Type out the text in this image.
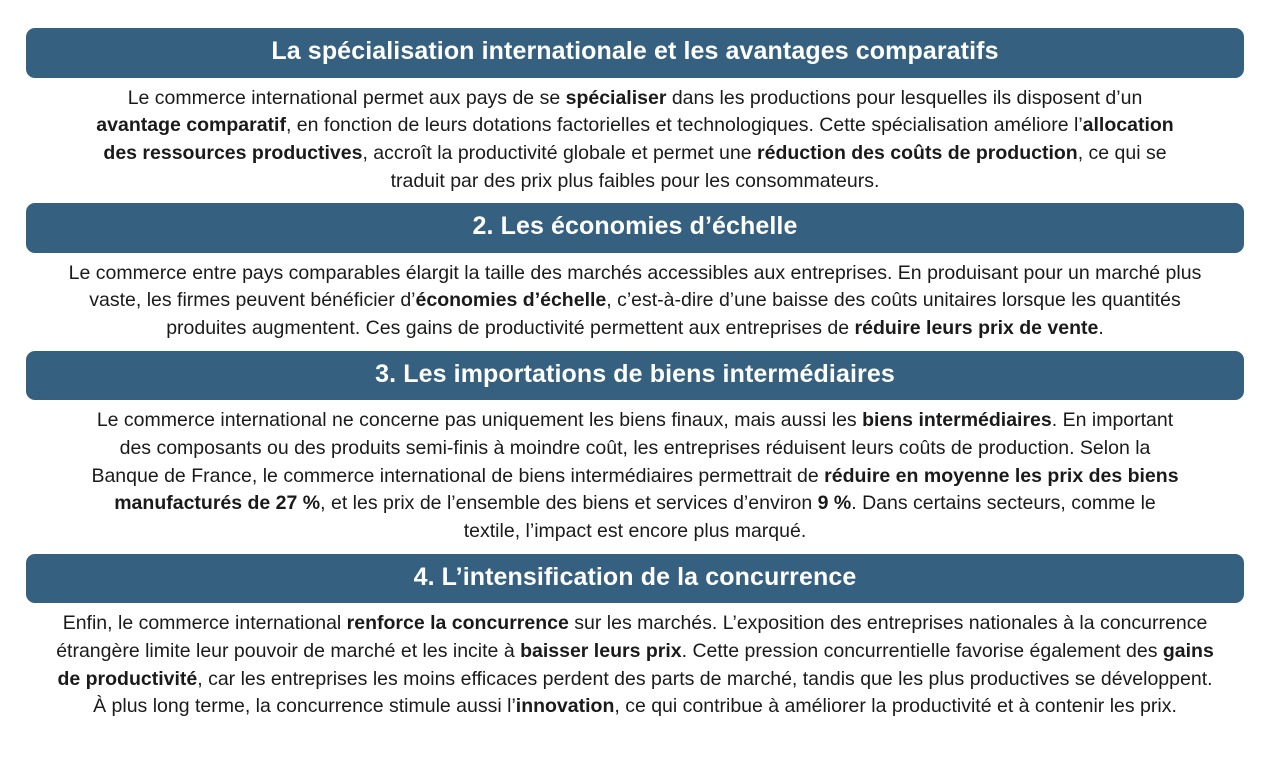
La spécialisation internationale et les avantages comparatifs
Le commerce international permet aux pays de se spécialiser dans les productions pour lesquelles ils disposent d’un avantage comparatif, en fonction de leurs dotations factorielles et technologiques. Cette spécialisation améliore l’allocation des ressources productives, accroît la productivité globale et permet une réduction des coûts de production, ce qui se traduit par des prix plus faibles pour les consommateurs.
2. Les économies d’échelle
Le commerce entre pays comparables élargit la taille des marchés accessibles aux entreprises. En produisant pour un marché plus vaste, les firmes peuvent bénéficier d’économies d’échelle, c’est-à-dire d’une baisse des coûts unitaires lorsque les quantités produites augmentent. Ces gains de productivité permettent aux entreprises de réduire leurs prix de vente.
3. Les importations de biens intermédiaires
Le commerce international ne concerne pas uniquement les biens finaux, mais aussi les biens intermédiaires. En important des composants ou des produits semi-finis à moindre coût, les entreprises réduisent leurs coûts de production. Selon la Banque de France, le commerce international de biens intermédiaires permettrait de réduire en moyenne les prix des biens manufacturés de 27 %, et les prix de l’ensemble des biens et services d’environ 9 %. Dans certains secteurs, comme le textile, l’impact est encore plus marqué.
4. L’intensification de la concurrence
Enfin, le commerce international renforce la concurrence sur les marchés. L’exposition des entreprises nationales à la concurrence étrangère limite leur pouvoir de marché et les incite à baisser leurs prix. Cette pression concurrentielle favorise également des gains de productivité, car les entreprises les moins efficaces perdent des parts de marché, tandis que les plus productives se développent. À plus long terme, la concurrence stimule aussi l’innovation, ce qui contribue à améliorer la productivité et à contenir les prix.
